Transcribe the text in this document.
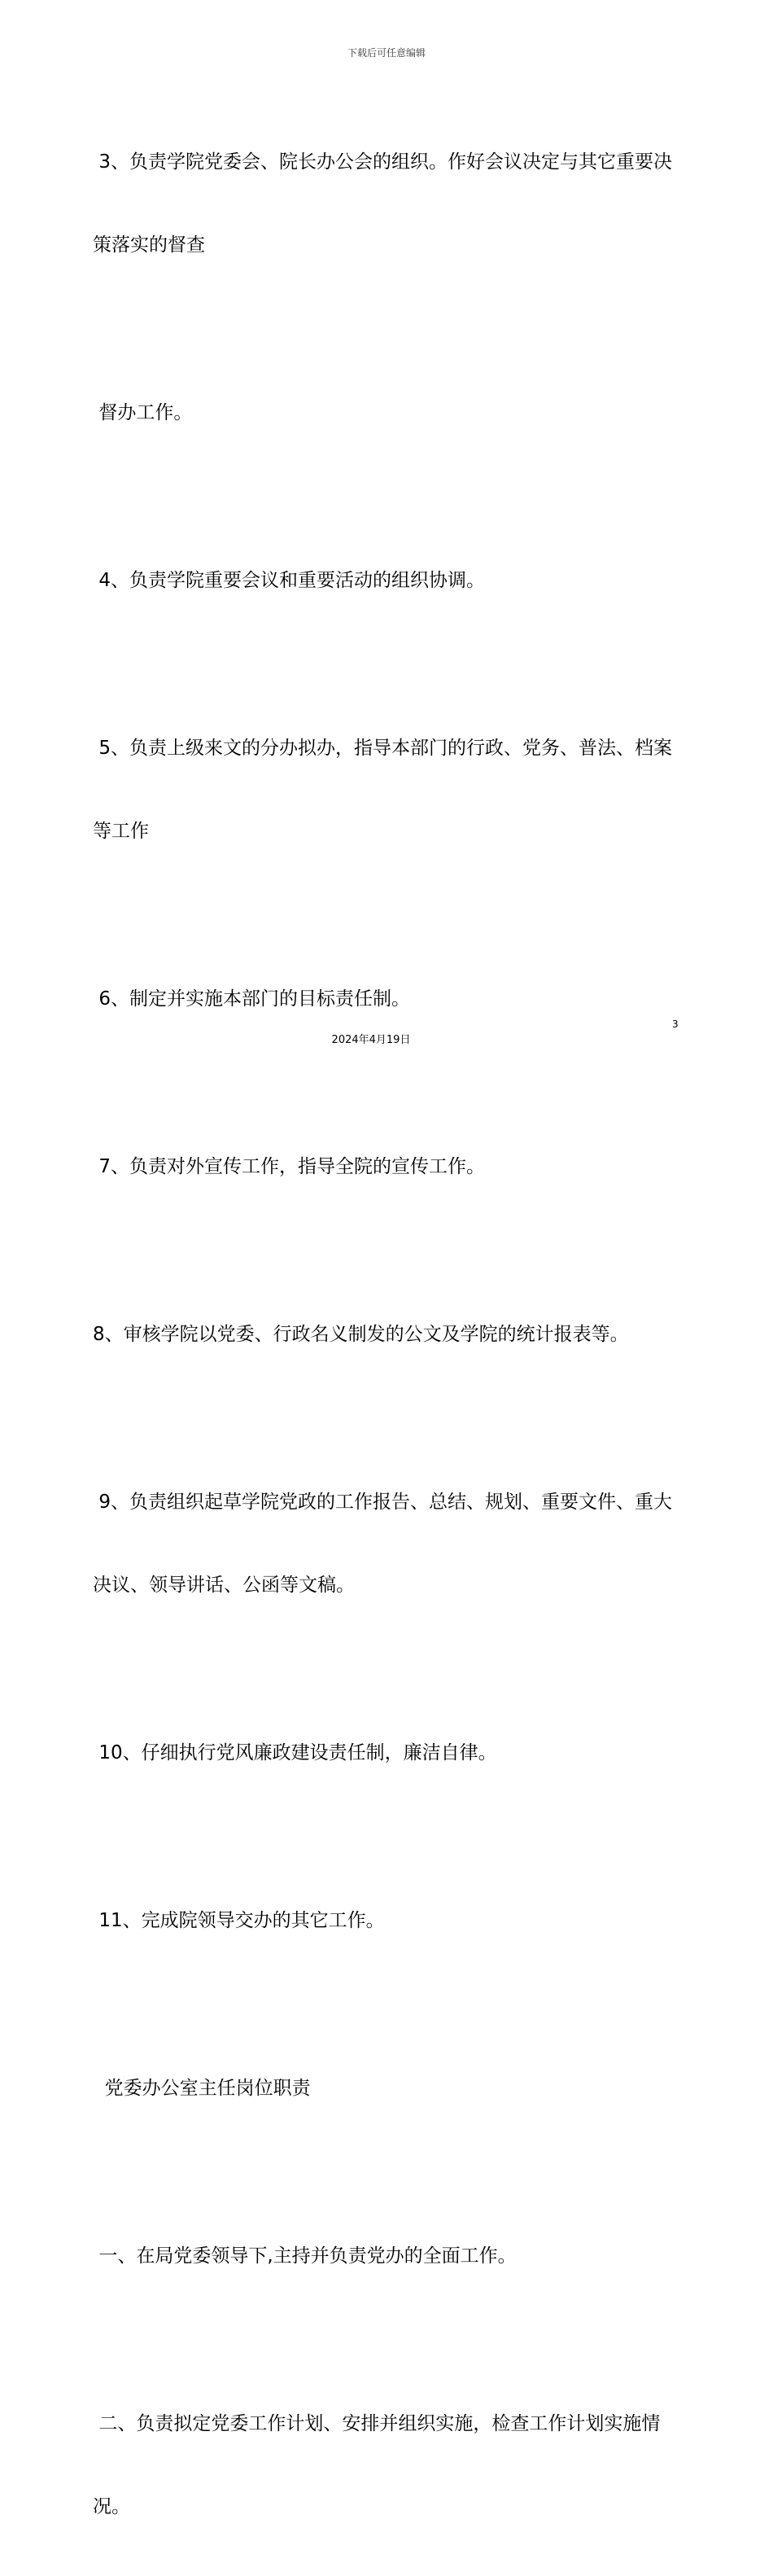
下载后可任意编辑

3、负责学院党委会、院长办公会的组织。作好会议决定与其它重要决

策落实的督查

督办工作。

4、负责学院重要会议和重要活动的组织协调。

5、负责上级来文的分办拟办，指导本部门的行政、党务、普法、档案

等工作

6、制定并实施本部门的目标责任制。

7、负责对外宣传工作，指导全院的宣传工作。

8、审核学院以党委、行政名义制发的公文及学院的统计报表等。

9、负责组织起草学院党政的工作报告、总结、规划、重要文件、重大

决议、领导讲话、公函等文稿。

10、仔细执行党风廉政建设责任制，廉洁自律。

11、完成院领导交办的其它工作。

党委办公室主任岗位职责

一、在局党委领导下,主持并负责党办的全面工作。

二、负责拟定党委工作计划、安排并组织实施，检查工作计划实施情

况。

3
2024年4月19日
